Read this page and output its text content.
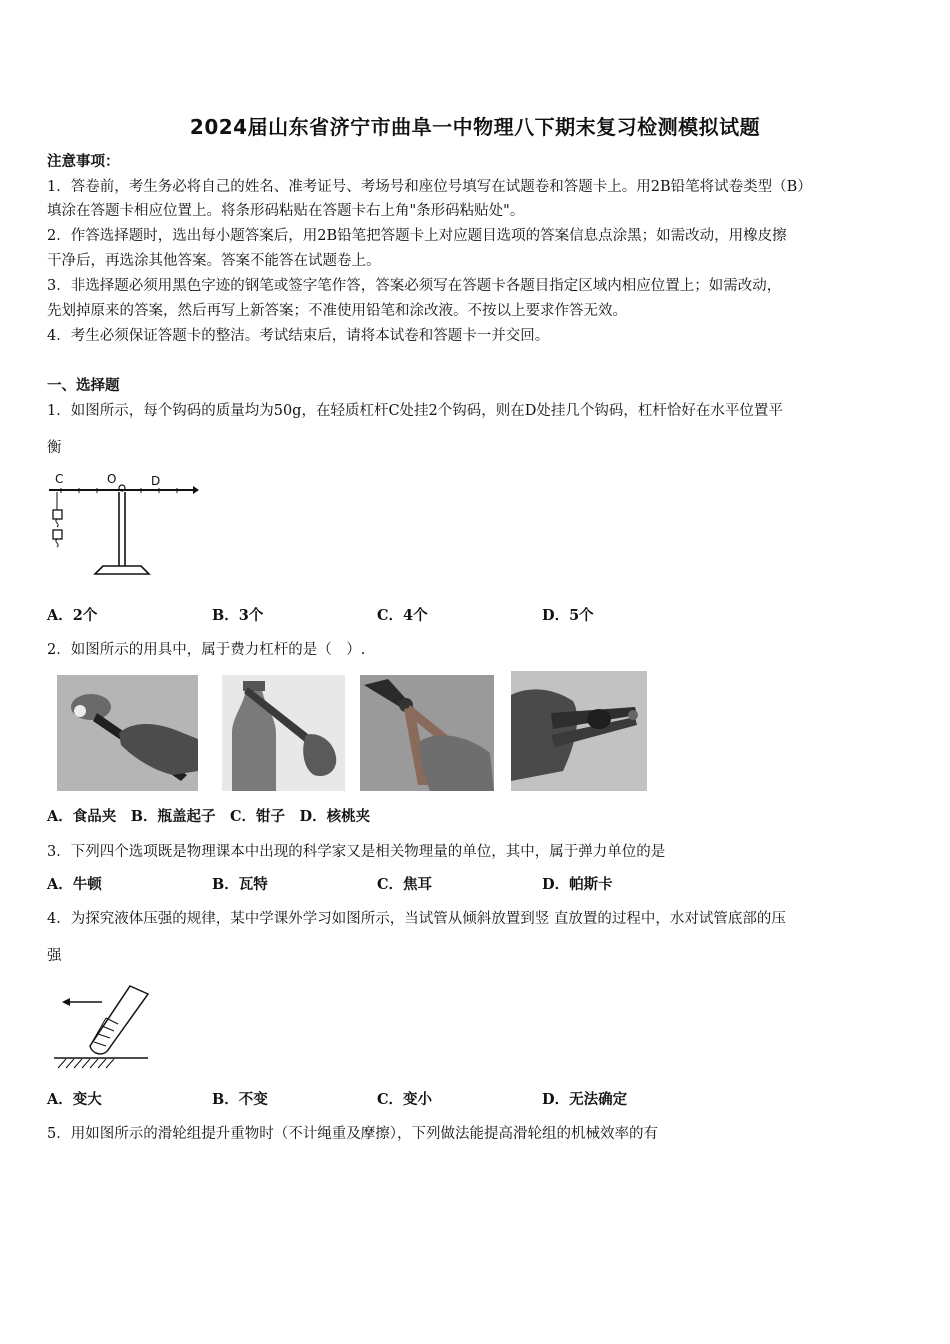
2024届山东省济宁市曲阜一中物理八下期末复习检测模拟试题
注意事项：
1．答卷前，考生务必将自己的姓名、准考证号、考场号和座位号填写在试题卷和答题卡上。用2B铅笔将试卷类型（B）
填涂在答题卡相应位置上。将条形码粘贴在答题卡右上角"条形码粘贴处"。
2．作答选择题时，选出每小题答案后，用2B铅笔把答题卡上对应题目选项的答案信息点涂黑；如需改动，用橡皮擦
干净后，再选涂其他答案。答案不能答在试题卷上。
3．非选择题必须用黑色字迹的钢笔或签字笔作答，答案必须写在答题卡各题目指定区域内相应位置上；如需改动，
先划掉原来的答案，然后再写上新答案；不准使用铅笔和涂改液。不按以上要求作答无效。
4．考生必须保证答题卡的整洁。考试结束后，请将本试卷和答题卡一并交回。
一、选择题
1．如图所示，每个钩码的质量均为50g，在轻质杠杆C处挂2个钩码，则在D处挂几个钩码，杠杆恰好在水平位置平
衡
C	O	D
A．2个	B．3个	C．4个	D．5个
2．如图所示的用具中，属于费力杠杆的是（　）.
A．食品夹　B．瓶盖起子　C．钳子　D．核桃夹
3．下列四个选项既是物理课本中出现的科学家又是相关物理量的单位，其中，属于弹力单位的是
A．牛顿	B．瓦特	C．焦耳	D．帕斯卡
4．为探究液体压强的规律，某中学课外学习如图所示，当试管从倾斜放置到竖 直放置的过程中，水对试管底部的压
强
A．变大	B．不变	C．变小	D．无法确定
5．用如图所示的滑轮组提升重物时（不计绳重及摩擦），下列做法能提高滑轮组的机械效率的有
